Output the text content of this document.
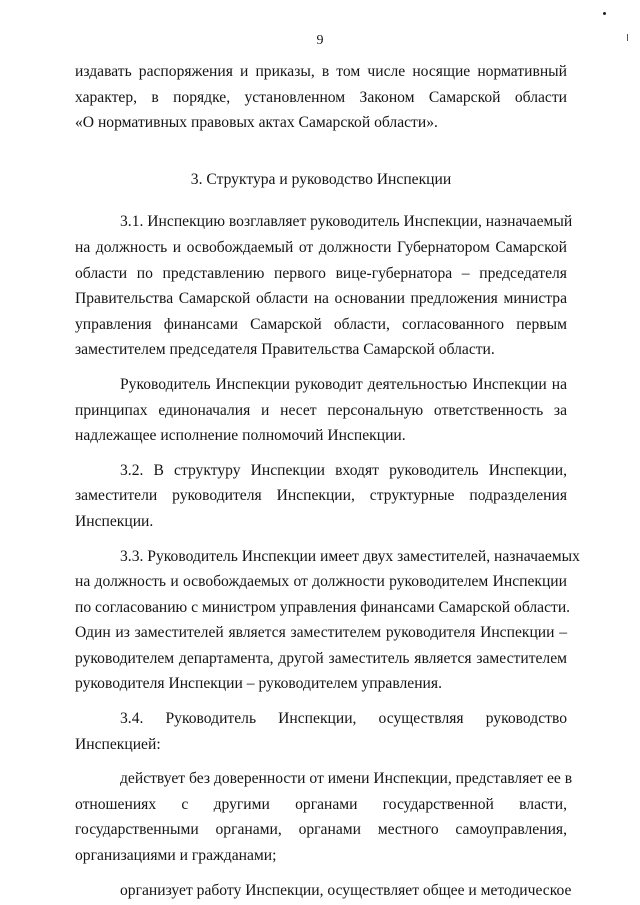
9

издавать распоряжения и приказы, в том числе носящие нормативный
характер, в порядке, установленном Законом Самарской области
«О нормативных правовых актах Самарской области».

3. Структура и руководство Инспекции

3.1. Инспекцию возглавляет руководитель Инспекции, назначаемый
на должность и освобождаемый от должности Губернатором Самарской
области по представлению первого вице-губернатора – председателя
Правительства Самарской области на основании предложения министра
управления финансами Самарской области, согласованного первым
заместителем председателя Правительства Самарской области.

Руководитель Инспекции руководит деятельностью Инспекции на
принципах единоначалия и несет персональную ответственность за
надлежащее исполнение полномочий Инспекции.

3.2. В структуру Инспекции входят руководитель Инспекции,
заместители руководителя Инспекции, структурные подразделения
Инспекции.

3.3. Руководитель Инспекции имеет двух заместителей, назначаемых
на должность и освобождаемых от должности руководителем Инспекции
по согласованию с министром управления финансами Самарской области.
Один из заместителей является заместителем руководителя Инспекции –
руководителем департамента, другой заместитель является заместителем
руководителя Инспекции – руководителем управления.

3.4. Руководитель Инспекции, осуществляя руководство
Инспекцией:

действует без доверенности от имени Инспекции, представляет ее в
отношениях с другими органами государственной власти,
государственными органами, органами местного самоуправления,
организациями и гражданами;

организует работу Инспекции, осуществляет общее и методическое
